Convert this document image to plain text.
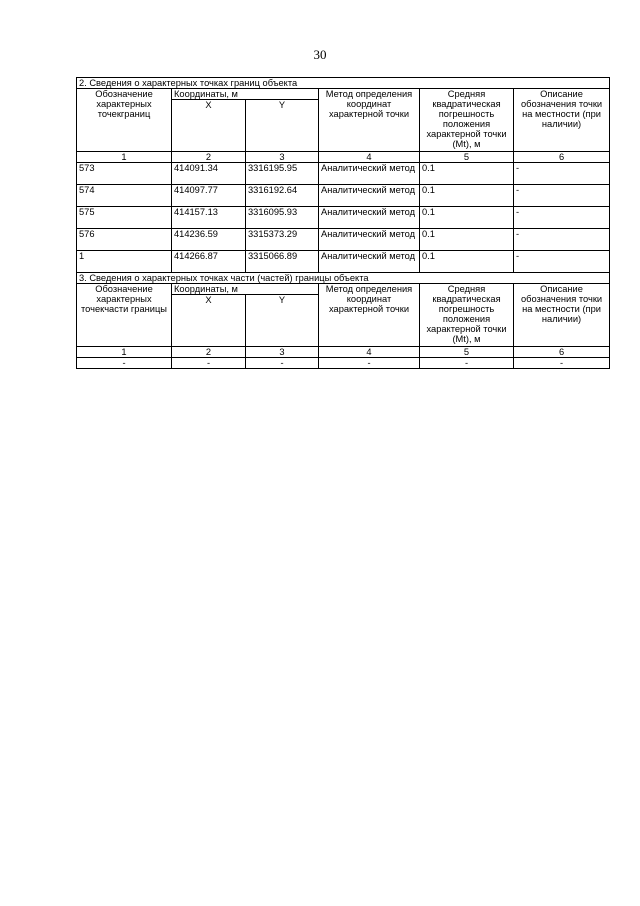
30
2. Сведения о характерных точках границ объекта					
Обозначение характерных точекграниц	Координаты, м		Метод определения координат характерной точки	Средняя квадратическая погрешность положения характерной точки (Mt), м	Описание обозначения точки на местности (при наличии)
	X	Y			
1	2	3	4	5	6
573	414091.34	3316195.95	Аналитический метод	0.1	-
574	414097.77	3316192.64	Аналитический метод	0.1	-
575	414157.13	3316095.93	Аналитический метод	0.1	-
576	414236.59	3315373.29	Аналитический метод	0.1	-
1	414266.87	3315066.89	Аналитический метод	0.1	-
3. Сведения о характерных точках части (частей) границы объекта					
Обозначение характерных точекчасти границы	Координаты, м		Метод определения координат характерной точки	Средняя квадратическая погрешность положения характерной точки (Mt), м	Описание обозначения точки на местности (при наличии)
	X	Y			
1	2	3	4	5	6
-	-	-	-	-	-
